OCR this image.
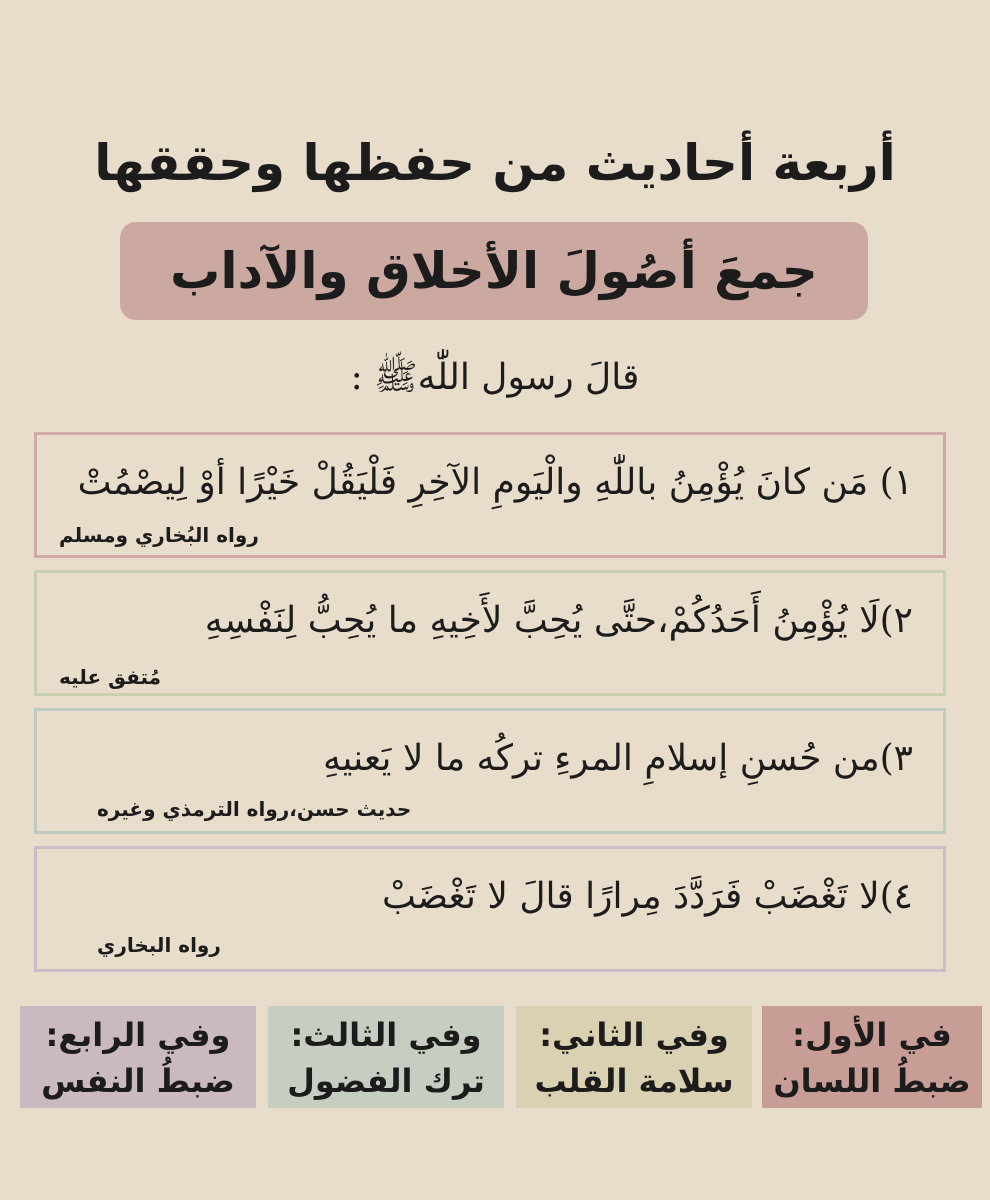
أربعة أحاديث من حفظها وحققها
جمعَ أصُولَ الأخلاق والآداب
قالَ رسول اللّٰهﷺ :
١) مَن كانَ يُؤْمِنُ باللّٰهِ والْيَومِ الآخِرِ فَلْيَقُلْ خَيْرًا أوْ لِيصْمُتْ
رواه البُخاري ومسلم
٢)لَا يُؤْمِنُ أَحَدُكُمْ،حتَّى يُحِبَّ لأَخِيهِ ما يُحِبُّ لِنَفْسِهِ
مُتفق عليه
٣)من حُسنِ إسلامِ المرءِ تركُه ما لا يَعنيهِ
حديث حسن،رواه الترمذي وغيره
٤)لا تَغْضَبْ فَرَدَّدَ مِرارًا قالَ لا تَغْضَبْ
رواه البخاري
في الأول:
ضبطُ اللسان
وفي الثاني:
سلامة القلب
وفي الثالث:
ترك الفضول
وفي الرابع:
ضبطُ النفس
